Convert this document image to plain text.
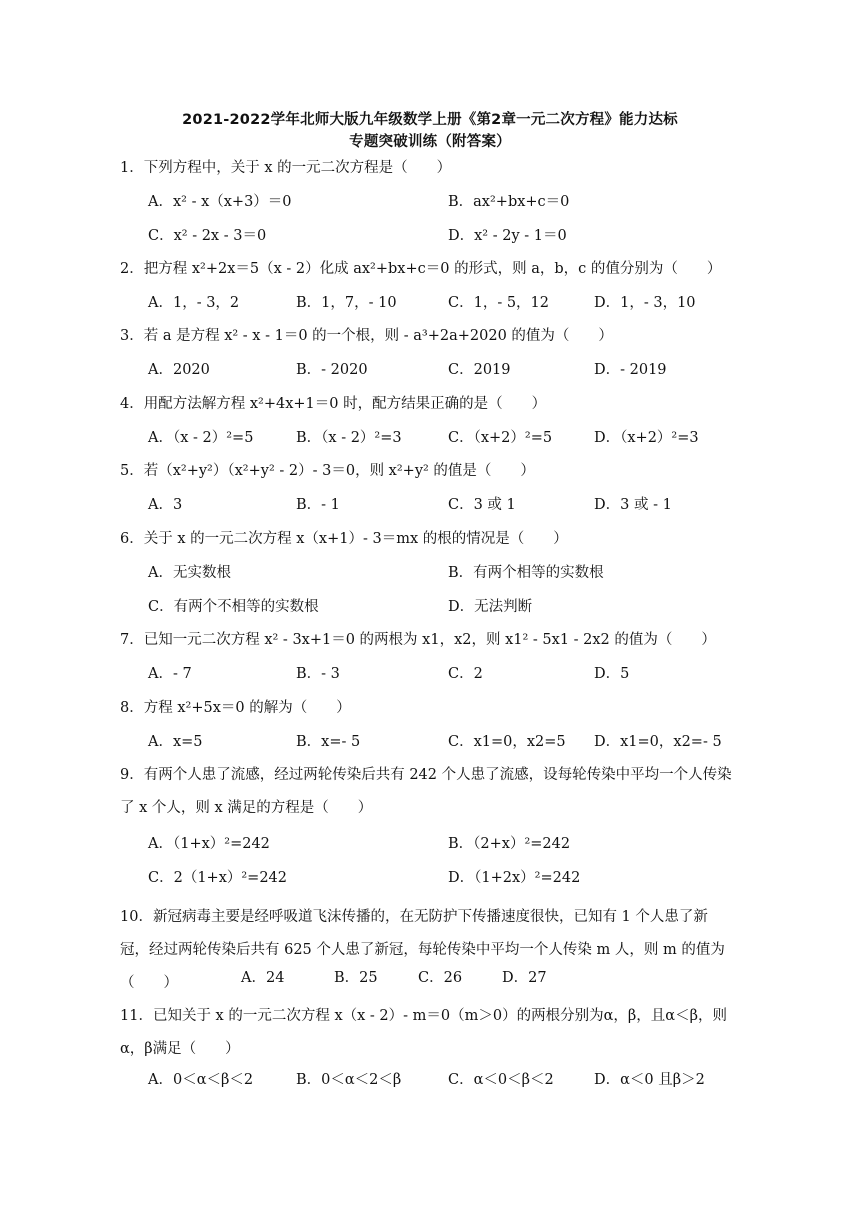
2021-2022学年北师大版九年级数学上册《第2章一元二次方程》能力达标
专题突破训练（附答案）
1．下列方程中，关于 x 的一元二次方程是（　　）
A．x² - x（x+3）＝0	B．ax²+bx+c＝0
C．x² - 2x - 3＝0	D．x² - 2y - 1＝0
2．把方程 x²+2x＝5（x - 2）化成 ax²+bx+c＝0 的形式，则 a，b，c 的值分别为（　　）
A．1，- 3，2	B．1，7，- 10	C．1，- 5，12	D．1，- 3，10
3．若 a 是方程 x² - x - 1＝0 的一个根，则 - a³+2a+2020 的值为（　　）
A．2020	B．- 2020	C．2019	D．- 2019
4．用配方法解方程 x²+4x+1＝0 时，配方结果正确的是（　　）
A．（x - 2）²=5	B．（x - 2）²=3	C．（x+2）²=5	D．（x+2）²=3
5．若（x²+y²）（x²+y² - 2）- 3＝0，则 x²+y² 的值是（　　）
A．3	B．- 1	C．3 或 1	D．3 或 - 1
6．关于 x 的一元二次方程 x（x+1）- 3＝mx 的根的情况是（　　）
A．无实数根	B．有两个相等的实数根
C．有两个不相等的实数根	D．无法判断
7．已知一元二次方程 x² - 3x+1＝0 的两根为 x1，x2，则 x1² - 5x1 - 2x2 的值为（　　）
A．- 7	B．- 3	C．2	D．5
8．方程 x²+5x＝0 的解为（　　）
A．x=5	B．x=- 5	C．x1=0，x2=5 D．x1=0，x2=- 5
9．有两个人患了流感，经过两轮传染后共有 242 个人患了流感，设每轮传染中平均一个人传染了 x 个人，则 x 满足的方程是（　　）
A．（1+x）²=242	B．（2+x）²=242
C．2（1+x）²=242	D．（1+2x）²=242
10．新冠病毒主要是经呼吸道飞沫传播的，在无防护下传播速度很快，已知有 1 个人患了新冠，经过两轮传染后共有 625 个人患了新冠，每轮传染中平均一个人传染 m 人，则 m 的值为（　　）	A．24	B．25	C．26	D．27
11．已知关于 x 的一元二次方程 x（x - 2）- m＝0（m＞0）的两根分别为α，β，且α＜β，则α，β满足（　　）
A．0＜α＜β＜2	B．0＜α＜2＜β	C．α＜0＜β＜2	D．α＜0 且β＞2
